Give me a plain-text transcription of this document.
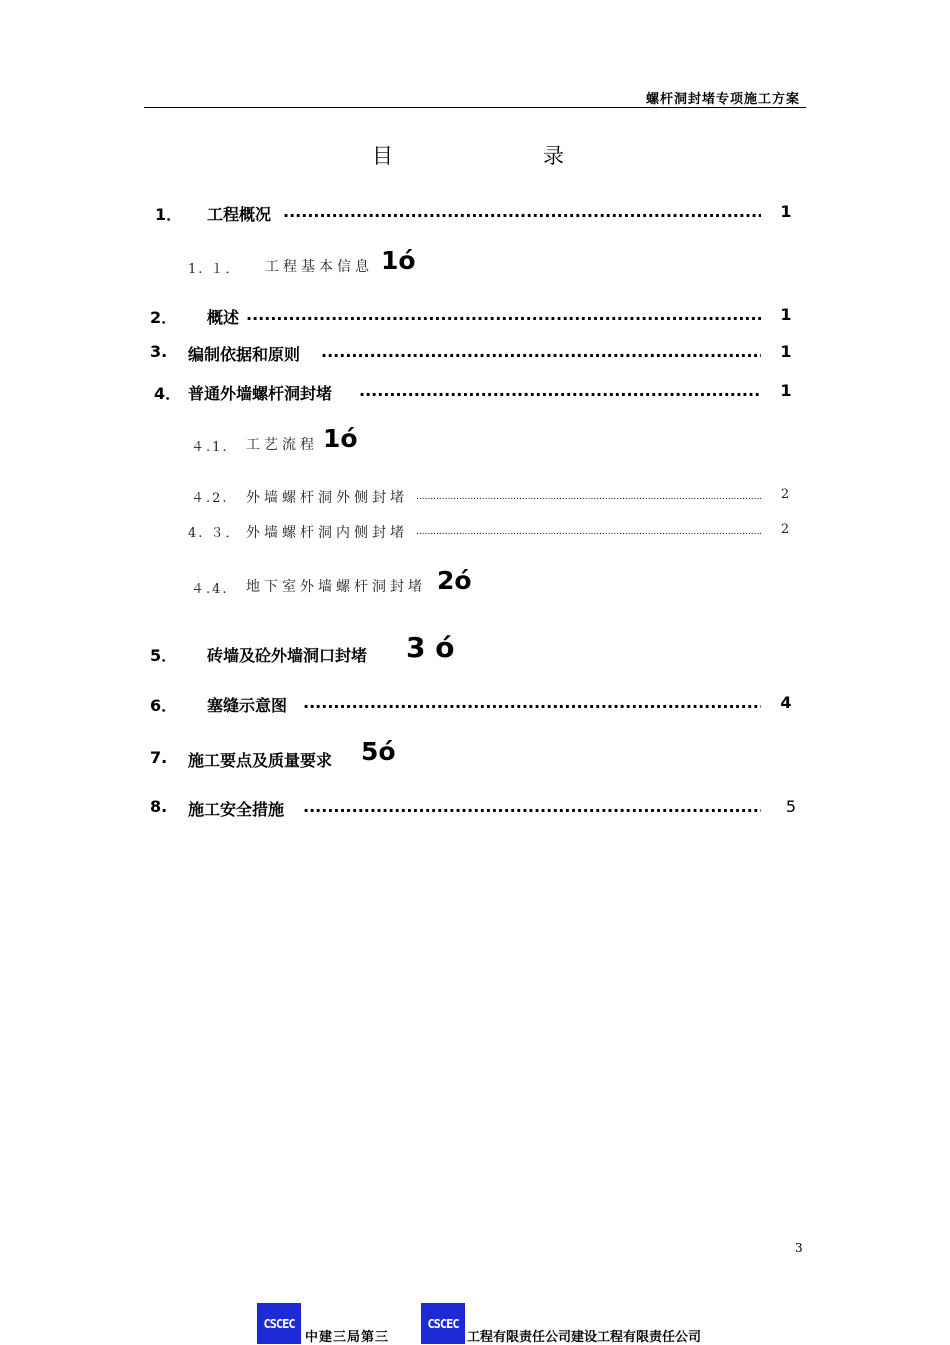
螺杆洞封堵专项施工方案
目	录
1． 工程概况 .....	1
1. １． 工程基本信息 1ó
2． 概述 .....	1
3. 编制依据和原则 .....	1
4． 普通外墙螺杆洞封堵 .....	1
４.1. 工艺流程 1ó
４.2. 外墙螺杆洞外侧封堵 .....	2
4. ３． 外墙螺杆洞内侧封堵 .....	2
４.4. 地下室外墙螺杆洞封堵 2ó
5． 砖墙及砼外墙洞口封堵 3 ó
6． 塞缝示意图 .....	4
7. 施工要点及质量要求 5ó
8. 施工安全措施 .....	5
3
CSCEC
中建三局第三
CSCEC
工程有限责任公司建设工程有限责任公司
